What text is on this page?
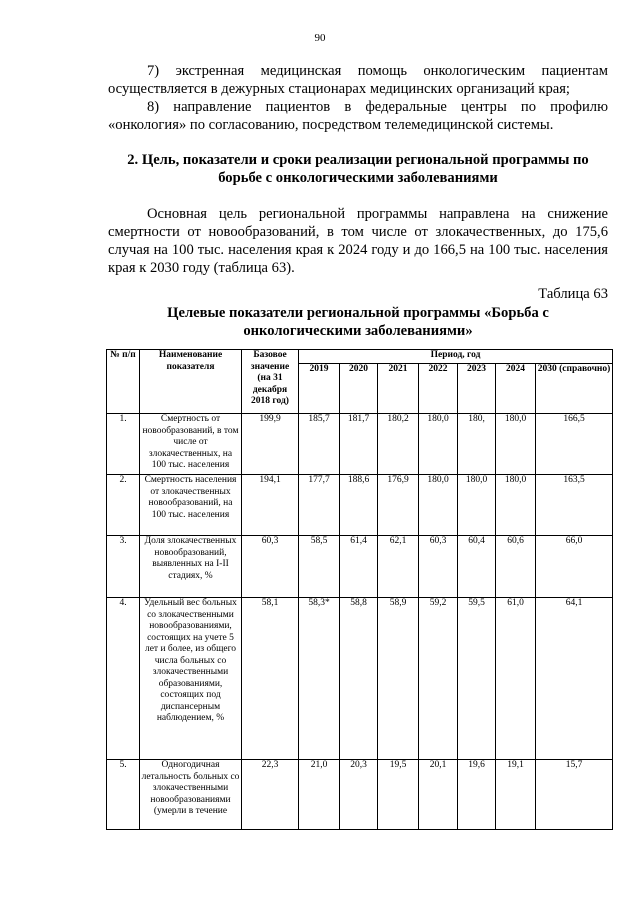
90
7) экстренная медицинская помощь онкологическим пациентам осуществляется в дежурных стационарах медицинских организаций края;
8) направление пациентов в федеральные центры по профилю «онкология» по согласованию, посредством телемедицинской системы.
2. Цель, показатели и сроки реализации региональной программы по борьбе с онкологическими заболеваниями
Основная цель региональной программы направлена на снижение смертности от новообразований, в том числе от злокачественных, до 175,6 случая на 100 тыс. населения края к 2024 году и до 166,5 на 100 тыс. населения края к 2030 году (таблица 63).
Таблица 63
Целевые показатели региональной программы «Борьба с онкологическими заболеваниями»
№ п/п	Наименование показателя	Базовое значение (на 31 декабря 2018 год)	Период, год						
			2019	2020	2021	2022	2023	2024	2030 (справочно)
1.	Смертность от новообразований, в том числе от злокачественных, на 100 тыс. населения	199,9	185,7	181,7	180,2	180,0	180,	180,0	166,5
2.	Смертность населения от злокачественных новообразований, на 100 тыс. населения	194,1	177,7	188,6	176,9	180,0	180,0	180,0	163,5
3.	Доля злокачественных новообразований, выявленных на I-II стадиях, %	60,3	58,5	61,4	62,1	60,3	60,4	60,6	66,0
4.	Удельный вес больных со злокачественными новообразованиями, состоящих на учете 5 лет и более, из общего числа больных со злокачественными образованиями, состоящих под диспансерным наблюдением, %	58,1	58,3*	58,8	58,9	59,2	59,5	61,0	64,1
5.	Одногодичная летальность больных со злокачественными новообразованиями (умерли в течение	22,3	21,0	20,3	19,5	20,1	19,6	19,1	15,7
